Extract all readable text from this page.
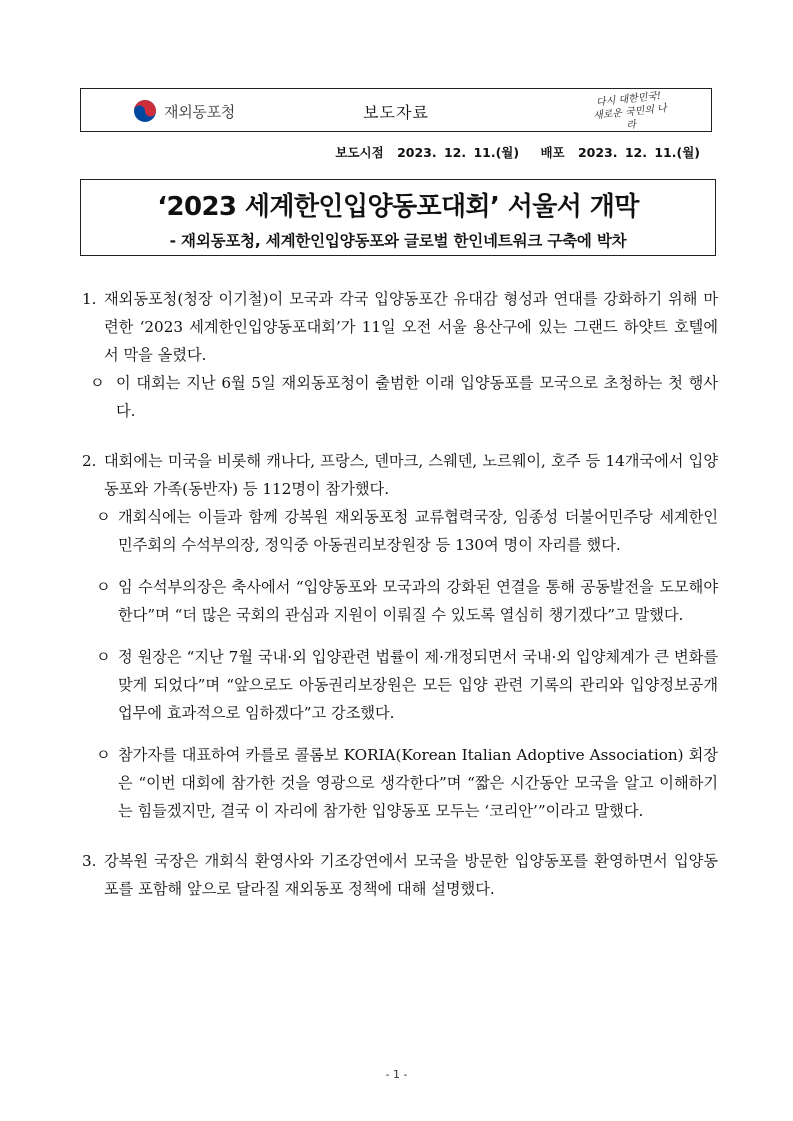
재외동포청	보도자료
다시 대한민국!
새로운 국민의 나라
보도시점 2023. 12. 11.(월) 배포 2023. 12. 11.(월)
‘2023 세계한인입양동포대회’ 서울서 개막
- 재외동포청, 세계한인입양동포와 글로벌 한인네트워크 구축에 박차
1. 재외동포청(청장 이기철)이 모국과 각국 입양동포간 유대감 형성과 연대를 강화하기 위해 마련한 ‘2023 세계한인입양동포대회’가 11일 오전 서울 용산구에 있는 그랜드 하얏트 호텔에서 막을 올렸다.
ㅇ 이 대회는 지난 6월 5일 재외동포청이 출범한 이래 입양동포를 모국으로 초청하는 첫 행사다.
2. 대회에는 미국을 비롯해 캐나다, 프랑스, 덴마크, 스웨덴, 노르웨이, 호주 등 14개국에서 입양동포와 가족(동반자) 등 112명이 참가했다.
ㅇ 개회식에는 이들과 함께 강복원 재외동포청 교류협력국장, 임종성 더불어민주당 세계한인민주회의 수석부의장, 정익중 아동권리보장원장 등 130여 명이 자리를 했다.
ㅇ 임 수석부의장은 축사에서 “입양동포와 모국과의 강화된 연결을 통해 공동발전을 도모해야 한다”며 “더 많은 국회의 관심과 지원이 이뤄질 수 있도록 열심히 챙기겠다”고 말했다.
ㅇ 정 원장은 “지난 7월 국내·외 입양관련 법률이 제·개정되면서 국내·외 입양체계가 큰 변화를 맞게 되었다”며 “앞으로도 아동권리보장원은 모든 입양 관련 기록의 관리와 입양정보공개 업무에 효과적으로 임하겠다”고 강조했다.
ㅇ 참가자를 대표하여 카를로 콜롬보 KORIA(Korean Italian Adoptive Association) 회장은 “이번 대회에 참가한 것을 영광으로 생각한다”며 “짧은 시간동안 모국을 알고 이해하기는 힘들겠지만, 결국 이 자리에 참가한 입양동포 모두는 ‘코리안’”이라고 말했다.
3. 강복원 국장은 개회식 환영사와 기조강연에서 모국을 방문한 입양동포를 환영하면서 입양동포를 포함해 앞으로 달라질 재외동포 정책에 대해 설명했다.
- 1 -
